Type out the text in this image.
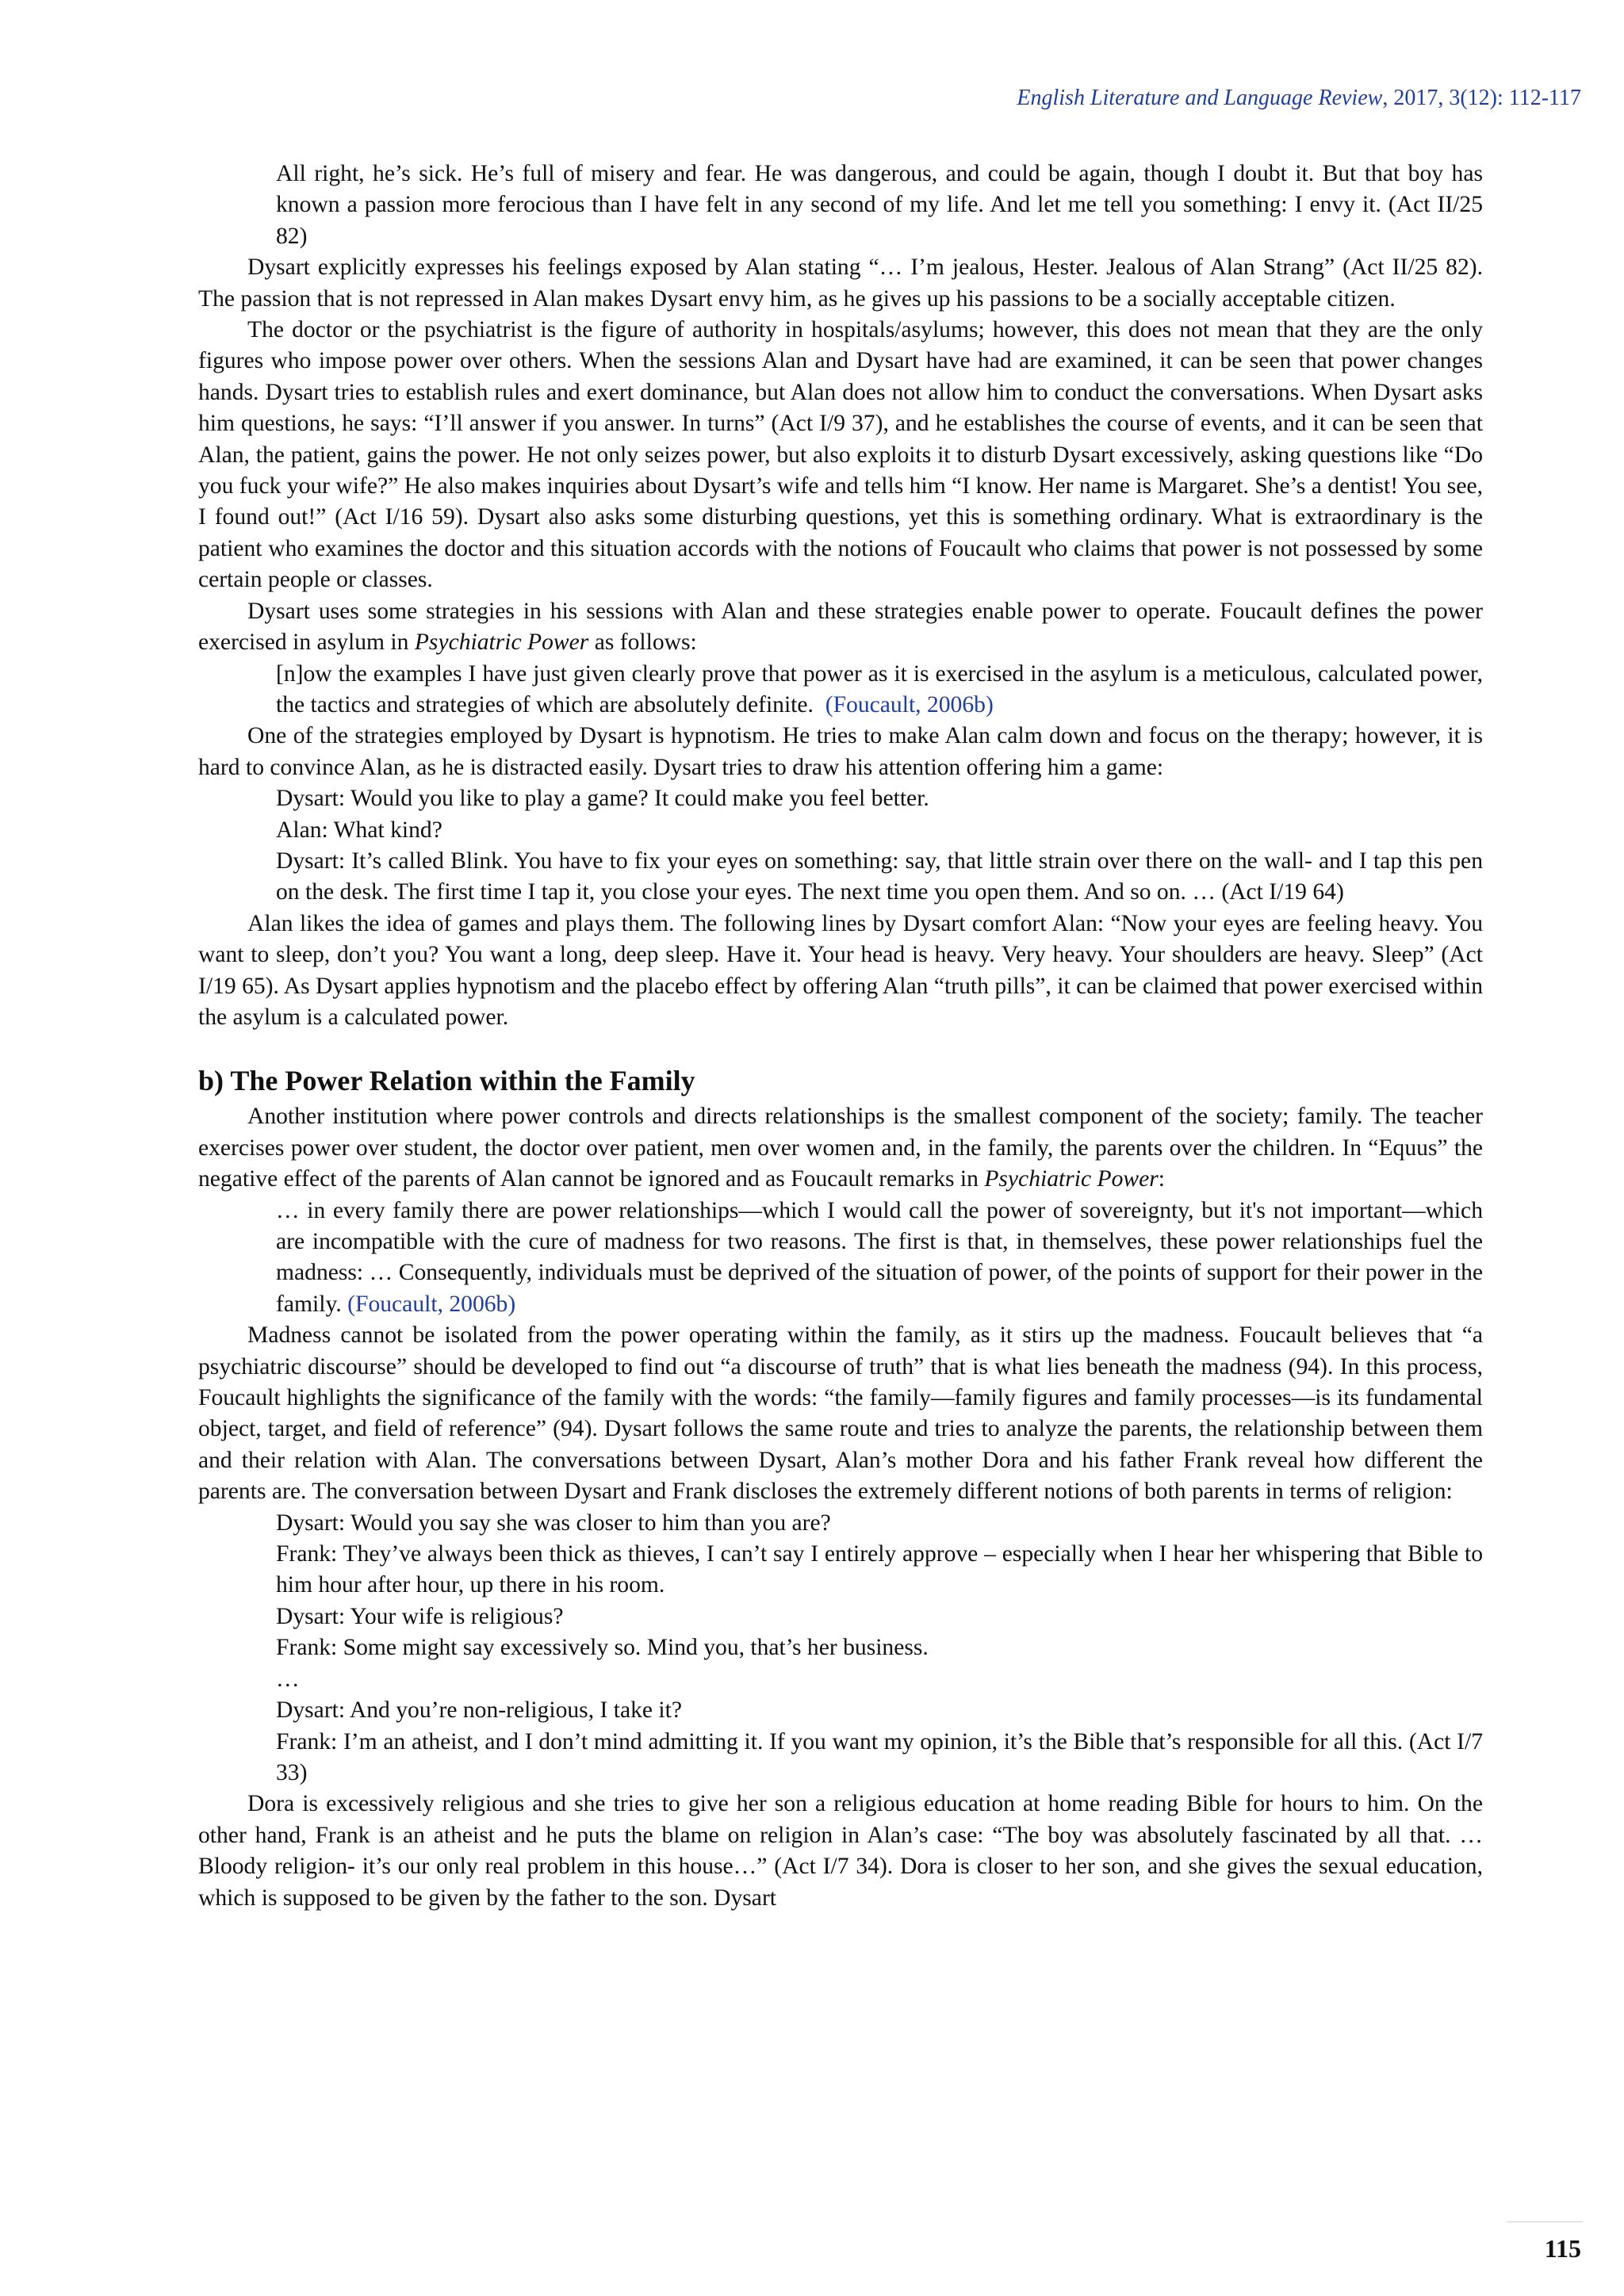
English Literature and Language Review, 2017, 3(12): 112-117

All right, he’s sick. He’s full of misery and fear. He was dangerous, and could be again, though I doubt it. But that boy has known a passion more ferocious than I have felt in any second of my life. And let me tell you something: I envy it. (Act II/25 82)

Dysart explicitly expresses his feelings exposed by Alan stating “… I’m jealous, Hester. Jealous of Alan Strang” (Act II/25 82). The passion that is not repressed in Alan makes Dysart envy him, as he gives up his passions to be a socially acceptable citizen.

The doctor or the psychiatrist is the figure of authority in hospitals/asylums; however, this does not mean that they are the only figures who impose power over others. When the sessions Alan and Dysart have had are examined, it can be seen that power changes hands. Dysart tries to establish rules and exert dominance, but Alan does not allow him to conduct the conversations. When Dysart asks him questions, he says: “I’ll answer if you answer. In turns” (Act I/9 37), and he establishes the course of events, and it can be seen that Alan, the patient, gains the power. He not only seizes power, but also exploits it to disturb Dysart excessively, asking questions like “Do you fuck your wife?” He also makes inquiries about Dysart’s wife and tells him “I know. Her name is Margaret. She’s a dentist! You see, I found out!” (Act I/16 59). Dysart also asks some disturbing questions, yet this is something ordinary. What is extraordinary is the patient who examines the doctor and this situation accords with the notions of Foucault who claims that power is not possessed by some certain people or classes.

Dysart uses some strategies in his sessions with Alan and these strategies enable power to operate. Foucault defines the power exercised in asylum in Psychiatric Power as follows:

[n]ow the examples I have just given clearly prove that power as it is exercised in the asylum is a meticulous, calculated power, the tactics and strategies of which are absolutely definite. (Foucault, 2006b)

One of the strategies employed by Dysart is hypnotism. He tries to make Alan calm down and focus on the therapy; however, it is hard to convince Alan, as he is distracted easily. Dysart tries to draw his attention offering him a game:

Dysart: Would you like to play a game? It could make you feel better.

Alan: What kind?

Dysart: It’s called Blink. You have to fix your eyes on something: say, that little strain over there on the wall- and I tap this pen on the desk. The first time I tap it, you close your eyes. The next time you open them. And so on. … (Act I/19 64)

Alan likes the idea of games and plays them. The following lines by Dysart comfort Alan: “Now your eyes are feeling heavy. You want to sleep, don’t you? You want a long, deep sleep. Have it. Your head is heavy. Very heavy. Your shoulders are heavy. Sleep” (Act I/19 65). As Dysart applies hypnotism and the placebo effect by offering Alan “truth pills”, it can be claimed that power exercised within the asylum is a calculated power.

b) The Power Relation within the Family

Another institution where power controls and directs relationships is the smallest component of the society; family. The teacher exercises power over student, the doctor over patient, men over women and, in the family, the parents over the children. In “Equus” the negative effect of the parents of Alan cannot be ignored and as Foucault remarks in Psychiatric Power:

… in every family there are power relationships—which I would call the power of sovereignty, but it's not important—which are incompatible with the cure of madness for two reasons. The first is that, in themselves, these power relationships fuel the madness: … Consequently, individuals must be deprived of the situation of power, of the points of support for their power in the family. (Foucault, 2006b)

Madness cannot be isolated from the power operating within the family, as it stirs up the madness. Foucault believes that “a psychiatric discourse” should be developed to find out “a discourse of truth” that is what lies beneath the madness (94). In this process, Foucault highlights the significance of the family with the words: “the family—family figures and family processes—is its fundamental object, target, and field of reference” (94). Dysart follows the same route and tries to analyze the parents, the relationship between them and their relation with Alan. The conversations between Dysart, Alan’s mother Dora and his father Frank reveal how different the parents are. The conversation between Dysart and Frank discloses the extremely different notions of both parents in terms of religion:

Dysart: Would you say she was closer to him than you are?

Frank: They’ve always been thick as thieves, I can’t say I entirely approve – especially when I hear her whispering that Bible to him hour after hour, up there in his room.

Dysart: Your wife is religious?

Frank: Some might say excessively so. Mind you, that’s her business.

…

Dysart: And you’re non-religious, I take it?

Frank: I’m an atheist, and I don’t mind admitting it. If you want my opinion, it’s the Bible that’s responsible for all this. (Act I/7 33)

Dora is excessively religious and she tries to give her son a religious education at home reading Bible for hours to him. On the other hand, Frank is an atheist and he puts the blame on religion in Alan’s case: “The boy was absolutely fascinated by all that. … Bloody religion- it’s our only real problem in this house…” (Act I/7 34). Dora is closer to her son, and she gives the sexual education, which is supposed to be given by the father to the son. Dysart

115
